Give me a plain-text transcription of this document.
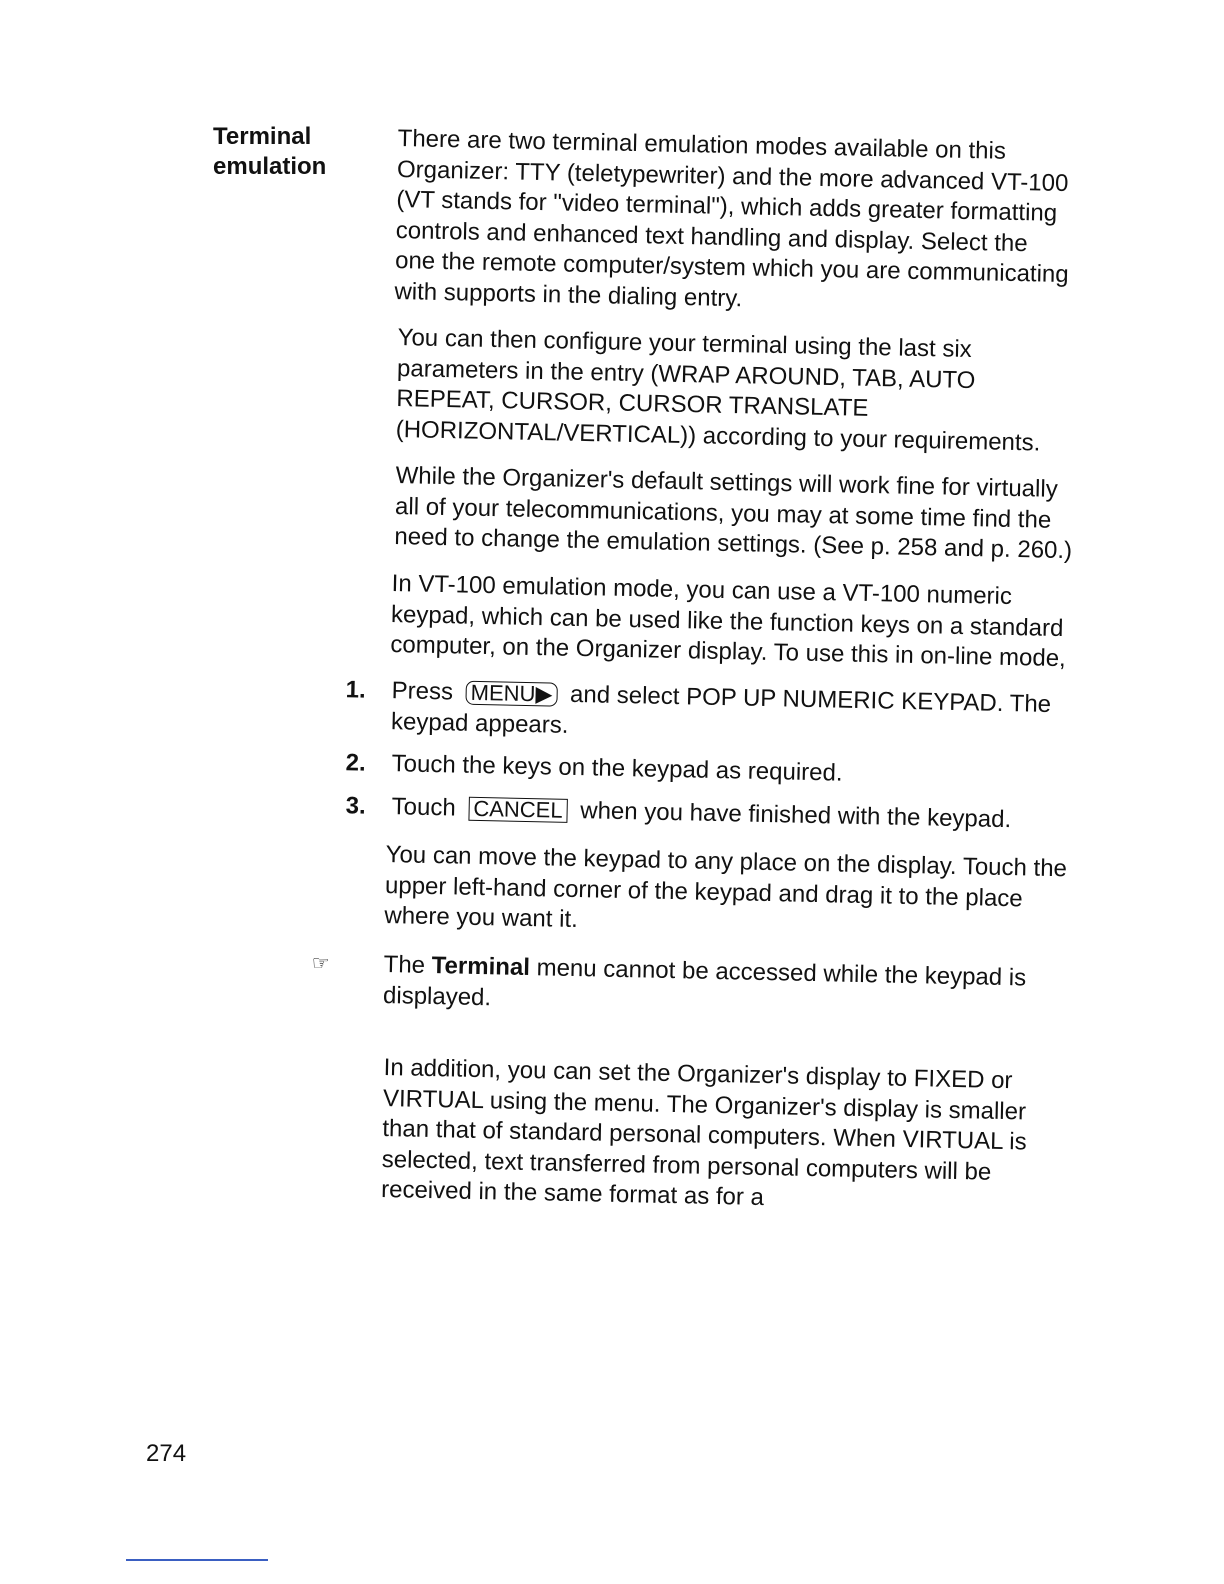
Terminal
emulation

There are two terminal emulation modes available on this Organizer: TTY (teletypewriter) and the more advanced VT-100 (VT stands for "video terminal"), which adds greater formatting controls and enhanced text handling and display. Select the one the remote computer/system which you are communicating with supports in the dialing entry.

You can then configure your terminal using the last six parameters in the entry (WRAP AROUND, TAB, AUTO REPEAT, CURSOR, CURSOR TRANSLATE (HORIZONTAL/VERTICAL)) according to your requirements.

While the Organizer's default settings will work fine for virtually all of your telecommunications, you may at some time find the need to change the emulation settings. (See p. 258 and p. 260.)

In VT-100 emulation mode, you can use a VT-100 numeric keypad, which can be used like the function keys on a standard computer, on the Organizer display. To use this in on-line mode,

1. Press MENU▶ and select POP UP NUMERIC KEYPAD. The keypad appears.
2. Touch the keys on the keypad as required.
3. Touch CANCEL when you have finished with the keypad.

You can move the keypad to any place on the display. Touch the upper left-hand corner of the keypad and drag it to the place where you want it.

☞ The Terminal menu cannot be accessed while the keypad is displayed.

In addition, you can set the Organizer's display to FIXED or VIRTUAL using the menu. The Organizer's display is smaller than that of standard personal computers. When VIRTUAL is selected, text transferred from personal computers will be received in the same format as for a

274
